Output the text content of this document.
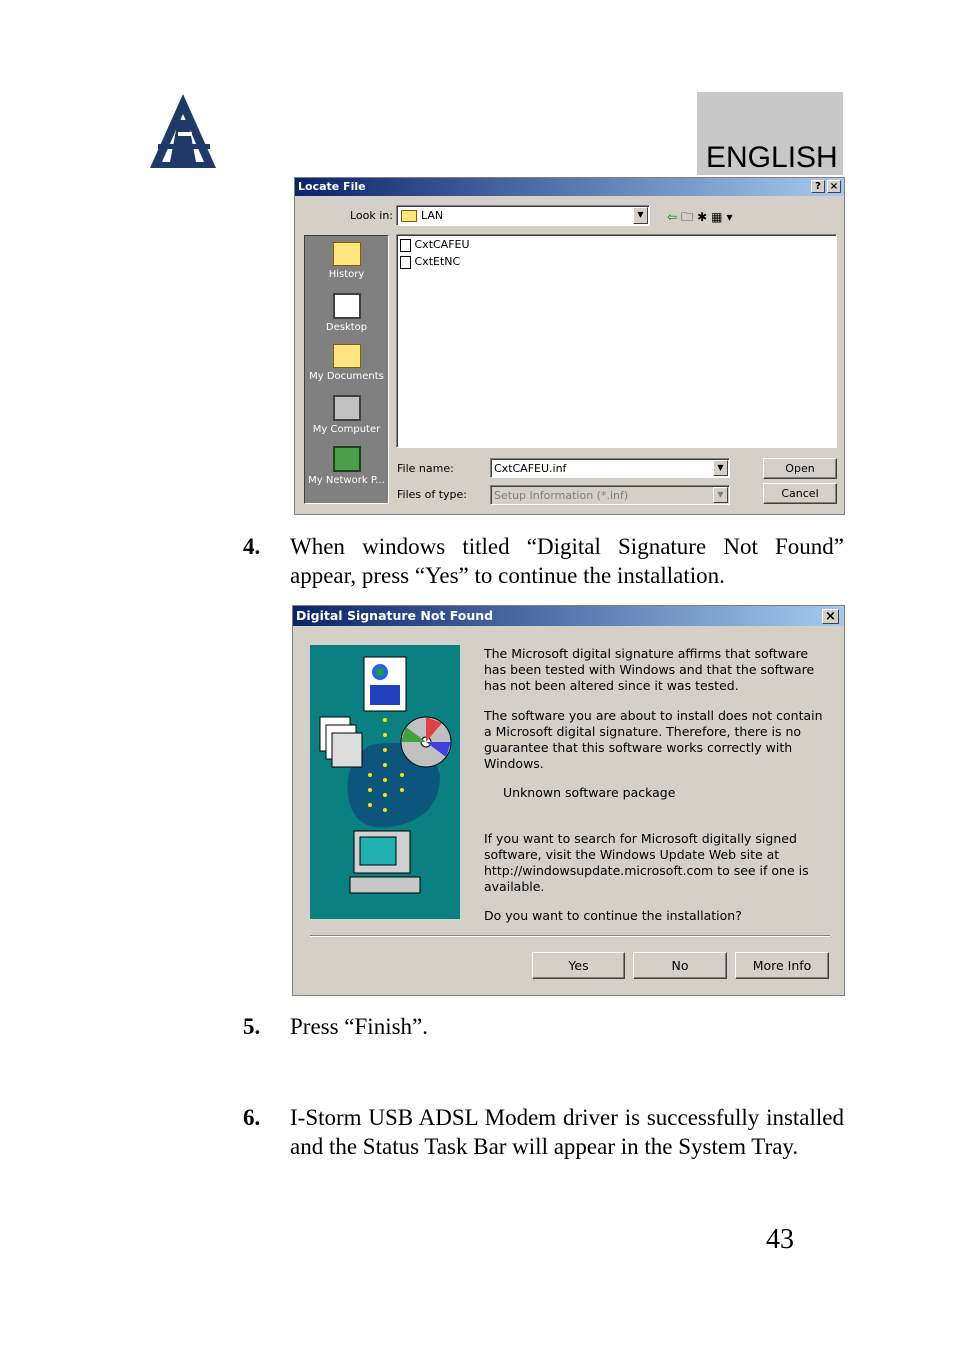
ENGLISH
Locate File	? ×
Look in:	LAN	▼	⇦🗀✱▦▾
History
Desktop
My Documents
My Computer
My Network P...
CxtCAFEU
CxtEtNC
File name:	CxtCAFEU.inf	▼
Files of type: Setup Information (*.inf)	▼
Open
Cancel
4. When windows titled “Digital Signature Not Found” appear, press “Yes” to continue the installation.
Digital Signature Not Found	×
The Microsoft digital signature affirms that software has been tested with Windows and that the software has not been altered since it was tested.
The software you are about to install does not contain a Microsoft digital signature. Therefore, there is no guarantee that this software works correctly with Windows.
Unknown software package
If you want to search for Microsoft digitally signed software, visit the Windows Update Web site at http://windowsupdate.microsoft.com to see if one is available.
Do you want to continue the installation?
Yes	No	More Info
5. Press “Finish”.
6. I-Storm USB ADSL Modem driver is successfully installed and the Status Task Bar will appear in the System Tray.
43
